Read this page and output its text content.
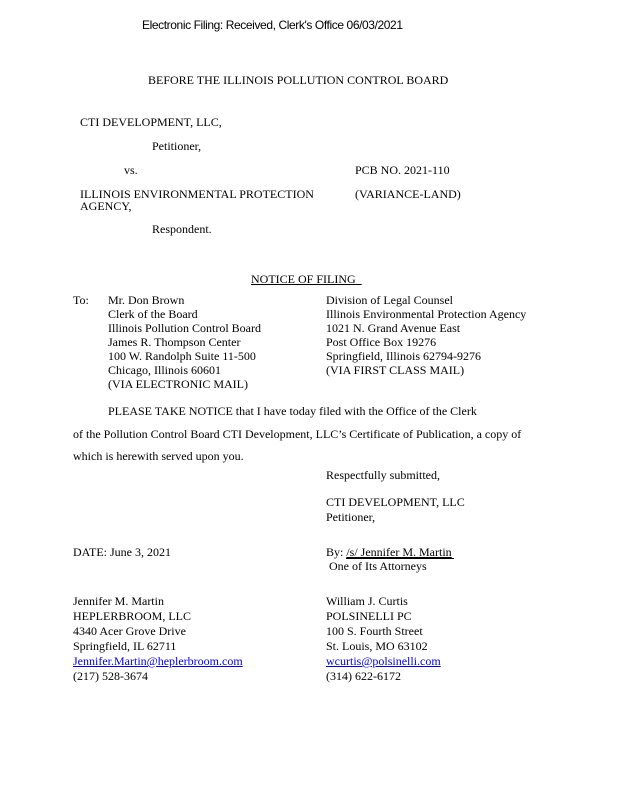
Electronic Filing: Received, Clerk's Office 06/03/2021
BEFORE THE ILLINOIS POLLUTION CONTROL BOARD
CTI DEVELOPMENT, LLC,
Petitioner,
vs.	PCB NO. 2021-110
ILLINOIS ENVIRONMENTAL PROTECTION
AGENCY,
(VARIANCE-LAND)
Respondent.
NOTICE OF FILING
To: Mr. Don Brown
Clerk of the Board
Illinois Pollution Control Board
James R. Thompson Center
100 W. Randolph Suite 11-500
Chicago, Illinois 60601
(VIA ELECTRONIC MAIL)
Division of Legal Counsel
Illinois Environmental Protection Agency
1021 N. Grand Avenue East
Post Office Box 19276
Springfield, Illinois 62794-9276
(VIA FIRST CLASS MAIL)
PLEASE TAKE NOTICE that I have today filed with the Office of the Clerk
of the Pollution Control Board CTI Development, LLC’s Certificate of Publication, a copy of
which is herewith served upon you.
Respectfully submitted,
CTI DEVELOPMENT, LLC
Petitioner,
DATE: June 3, 2021	By: /s/ Jennifer M. Martin
One of Its Attorneys
Jennifer M. Martin
HEPLERBROOM, LLC
4340 Acer Grove Drive
Springfield, IL 62711
Jennifer.Martin@heplerbroom.com
(217) 528-3674
William J. Curtis
POLSINELLI PC
100 S. Fourth Street
St. Louis, MO 63102
wcurtis@polsinelli.com
(314) 622-6172
